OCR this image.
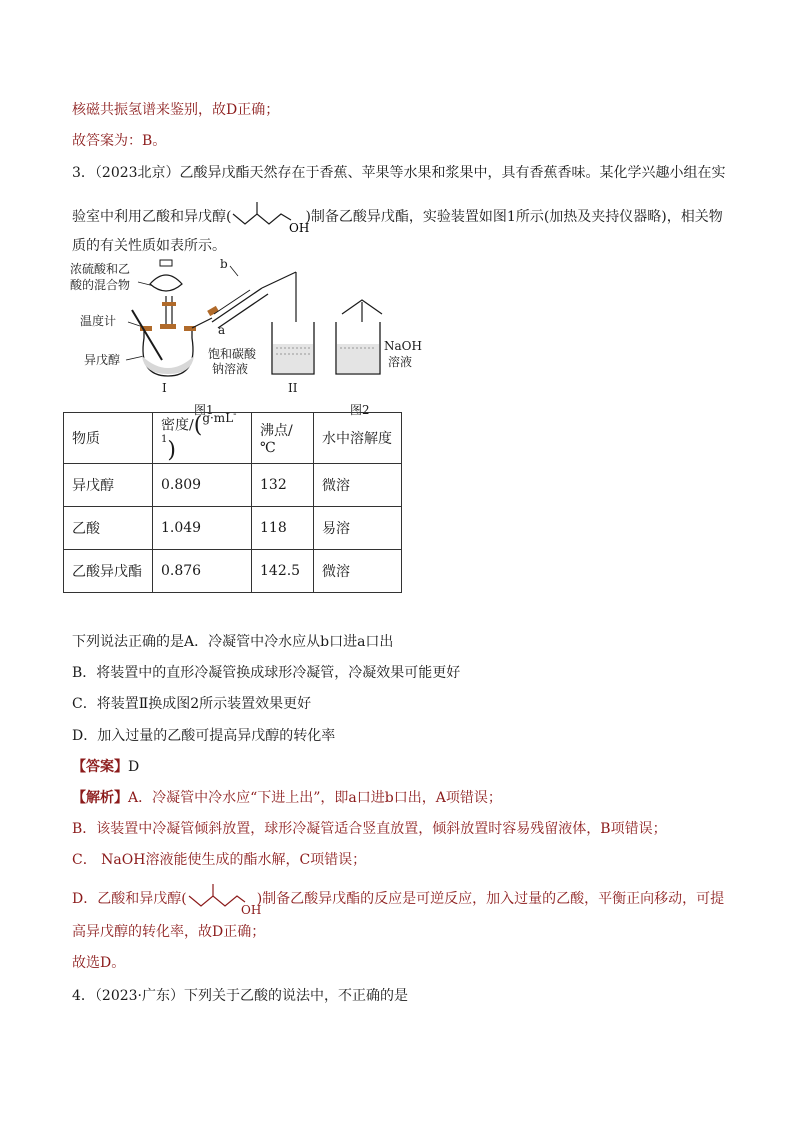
核磁共振氢谱来鉴别，故D正确；
故答案为：B。
3．（2023北京）乙酸异戊酯天然存在于香蕉、苹果等水果和浆果中，具有香蕉香味。某化学兴趣小组在实
验室中利用乙酸和异戊醇(
OH
)制备乙酸异戊酯，实验装置如图1所示(加热及夹持仪器略)，相关物
质的有关性质如表所示。
浓硫酸和乙
酸的混合物
温度计
异戊醇
I
a
b
饱和碳酸
钠溶液
II
NaOH
溶液
图1	图2
物质	密度$/(g\cdot mL^{-1})$	沸点/℃	水中溶解度
异戊醇	0.809	132	微溶
乙酸	1.049	118	易溶
乙酸异戊酯	0.876	142.5	微溶
下列说法正确的是A．冷凝管中冷水应从b口进a口出
B．将装置中的直形冷凝管换成球形冷凝管，冷凝效果可能更好
C．将装置Ⅱ换成图2所示装置效果更好
D．加入过量的乙酸可提高异戊醇的转化率
【答案】D
【解析】A．冷凝管中冷水应“下进上出”，即a口进b口出，A项错误；
B．该装置中冷凝管倾斜放置，球形冷凝管适合竖直放置，倾斜放置时容易残留液体，B项错误；
C． NaOH溶液能使生成的酯水解，C项错误；
D．乙酸和异戊醇(
OH
)制备乙酸异戊酯的反应是可逆反应，加入过量的乙酸，平衡正向移动，可提
高异戊醇的转化率，故D正确；
故选D。
4．（2023·广东）下列关于乙酸的说法中，不正确的是
